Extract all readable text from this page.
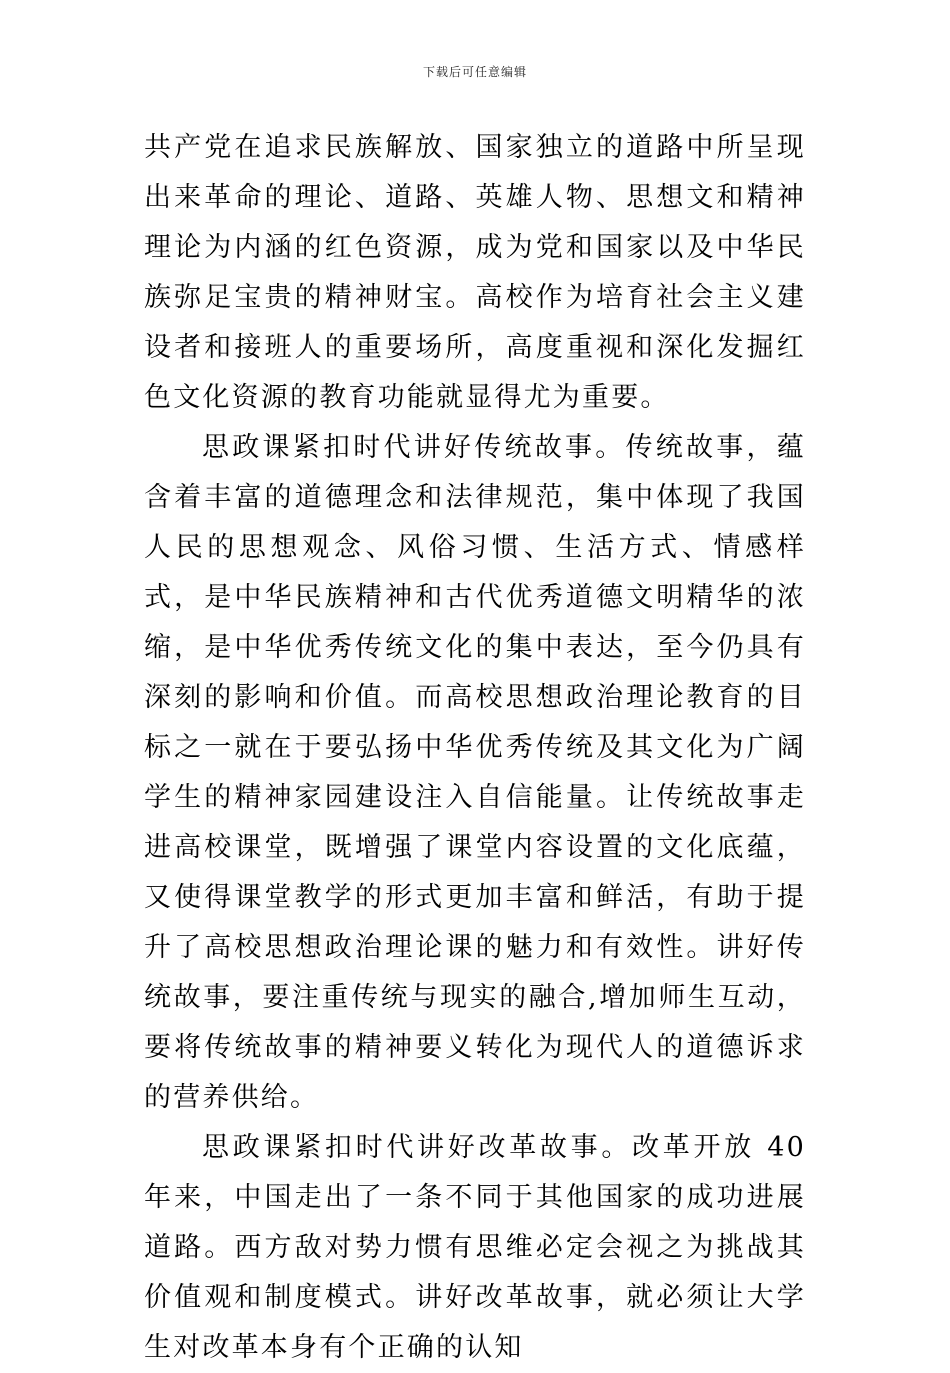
下载后可任意编辑

共产党在追求民族解放、国家独立的道路中所呈现出来革命的理论、道路、英雄人物、思想文和精神理论为内涵的红色资源，成为党和国家以及中华民族弥足宝贵的精神财宝。高校作为培育社会主义建设者和接班人的重要场所，高度重视和深化发掘红色文化资源的教育功能就显得尤为重要。

思政课紧扣时代讲好传统故事。传统故事，蕴含着丰富的道德理念和法律规范，集中体现了我国人民的思想观念、风俗习惯、生活方式、情感样式，是中华民族精神和古代优秀道德文明精华的浓缩，是中华优秀传统文化的集中表达，至今仍具有深刻的影响和价值。而高校思想政治理论教育的目标之一就在于要弘扬中华优秀传统及其文化为广阔学生的精神家园建设注入自信能量。让传统故事走进高校课堂，既增强了课堂内容设置的文化底蕴，又使得课堂教学的形式更加丰富和鲜活，有助于提升了高校思想政治理论课的魅力和有效性。讲好传统故事，要注重传统与现实的融合,增加师生互动，要将传统故事的精神要义转化为现代人的道德诉求的营养供给。

思政课紧扣时代讲好改革故事。改革开放 40 年来，中国走出了一条不同于其他国家的成功进展道路。西方敌对势力惯有思维必定会视之为挑战其价值观和制度模式。讲好改革故事，就必须让大学生对改革本身有个正确的认知
